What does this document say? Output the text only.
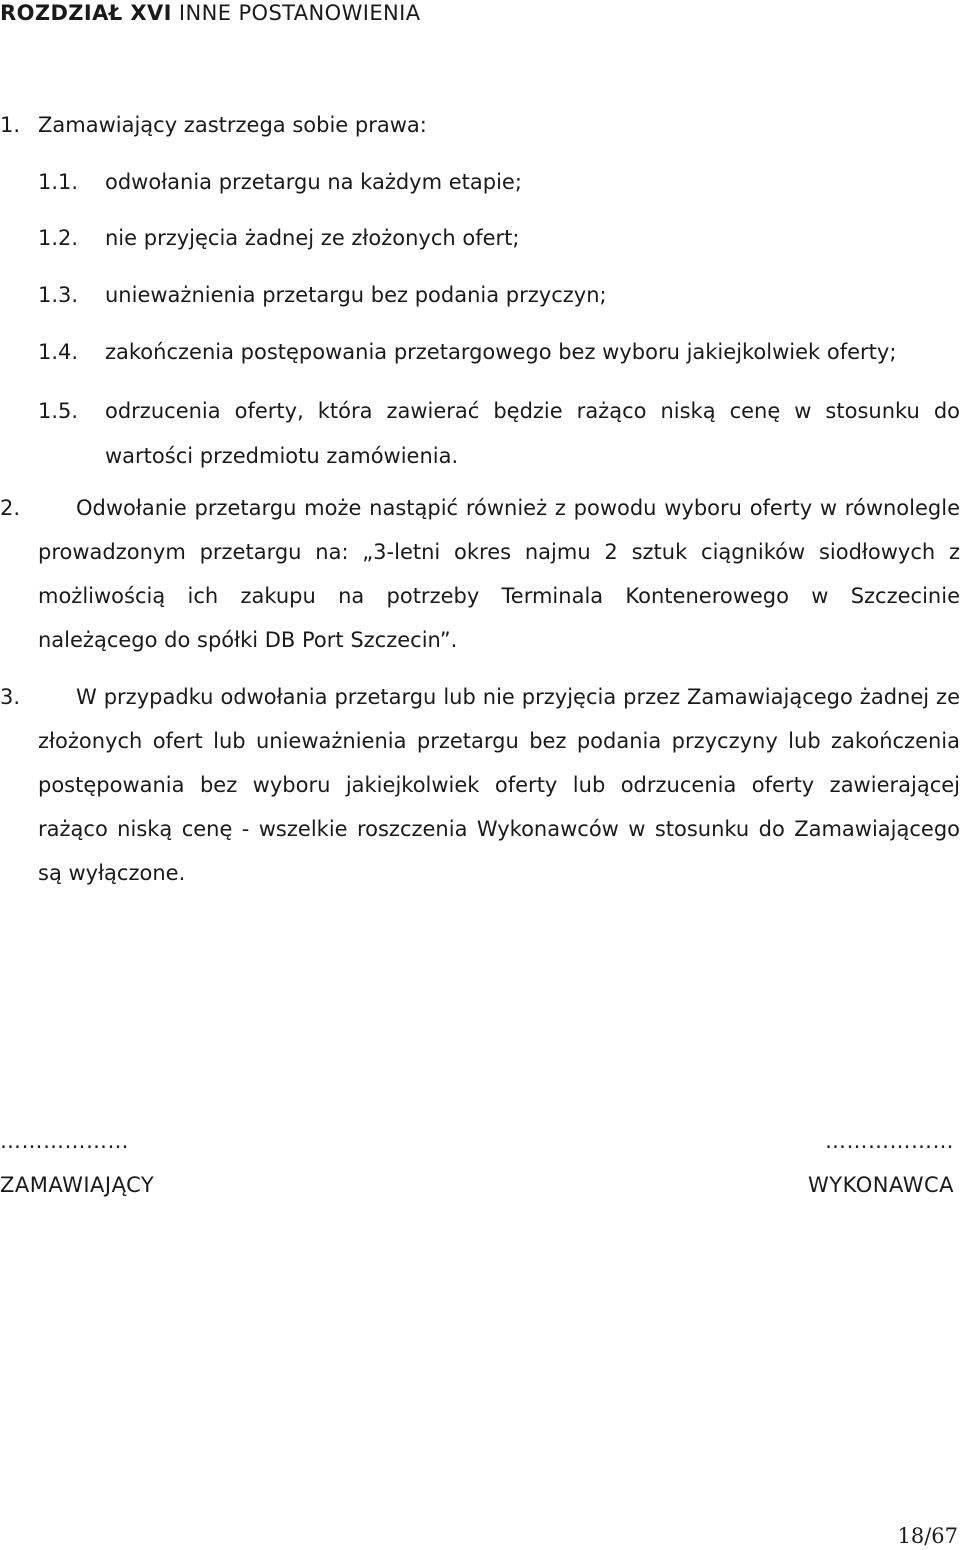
ROZDZIAŁ XVI INNE POSTANOWIENIA
1. Zamawiający zastrzega sobie prawa:
1.1. odwołania przetargu na każdym etapie;
1.2. nie przyjęcia żadnej ze złożonych ofert;
1.3. unieważnienia przetargu bez podania przyczyn;
1.4. zakończenia postępowania przetargowego bez wyboru jakiejkolwiek oferty;
1.5. odrzucenia oferty, która zawierać będzie rażąco niską cenę w stosunku do wartości przedmiotu zamówienia.
2.	Odwołanie przetargu może nastąpić również z powodu wyboru oferty w równolegle prowadzonym przetargu na: „3-letni okres najmu 2 sztuk ciągników siodłowych z możliwością ich zakupu na potrzeby Terminala Kontenerowego w Szczecinie należącego do spółki DB Port Szczecin”.
3.	W przypadku odwołania przetargu lub nie przyjęcia przez Zamawiającego żadnej ze złożonych ofert lub unieważnienia przetargu bez podania przyczyny lub zakończenia postępowania bez wyboru jakiejkolwiek oferty lub odrzucenia oferty zawierającej rażąco niską cenę - wszelkie roszczenia Wykonawców w stosunku do Zamawiającego są wyłączone.
………………
ZAMAWIAJĄCY
………………
WYKONAWCA
18/67
